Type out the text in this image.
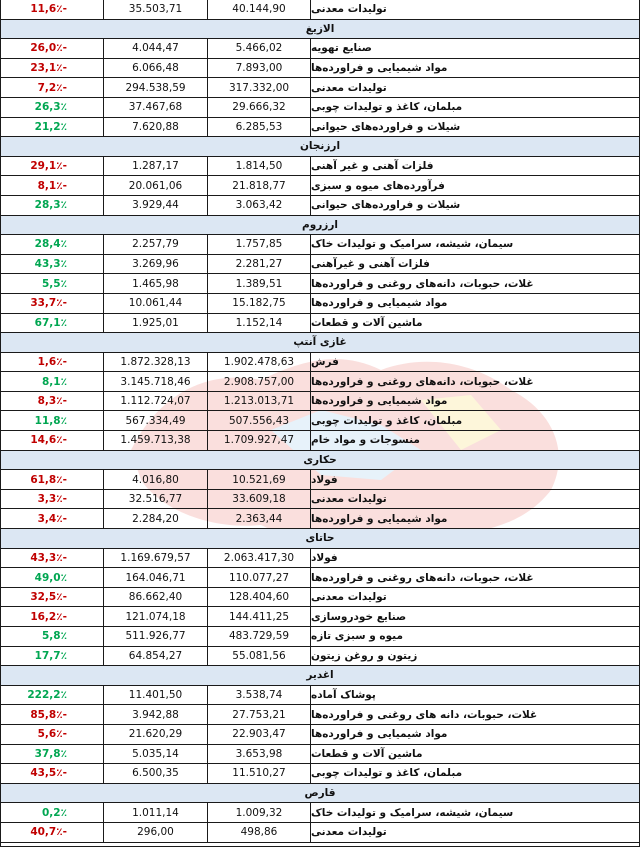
11,6٪-	35.503,71	40.144,90	تولیدات معدنی
الازیغ
26,0٪-	4.044,47	5.466,02	صنایع تهویه
23,1٪-	6.066,48	7.893,00	مواد شیمیایی و فراورده‌ها
7,2٪-	294.538,59	317.332,00	تولیدات معدنی
26,3٪	37.467,68	29.666,32	مبلمان، کاغذ و تولیدات چوبی
21,2٪	7.620,88	6.285,53	شیلات و فراورده‌های حیوانی
ارزنجان
29,1٪-	1.287,17	1.814,50	فلزات آهنی و غیر آهنی
8,1٪-	20.061,06	21.818,77	فرآورده‌های میوه و سبزی
28,3٪	3.929,44	3.063,42	شیلات و فراورده‌های حیوانی
ارزروم
28,4٪	2.257,79	1.757,85	سیمان، شیشه، سرامیک و تولیدات خاک
43,3٪	3.269,96	2.281,27	فلزات آهنی و غیرآهنی
5,5٪	1.465,98	1.389,51	غلات، حبوبات، دانه‌های روغنی و فراورده‌ها
33,7٪-	10.061,44	15.182,75	مواد شیمیایی و فراورده‌ها
67,1٪	1.925,01	1.152,14	ماشین آلات و قطعات
غازی آنتپ
1,6٪-	1.872.328,13	1.902.478,63	فرش
8,1٪	3.145.718,46	2.908.757,00	غلات، حبوبات، دانه‌های روغنی و فراورده‌ها
8,3٪-	1.112.724,07	1.213.013,71	مواد شیمیایی و فراورده‌ها
11,8٪	567.334,49	507.556,43	مبلمان، کاغذ و تولیدات چوبی
14,6٪-	1.459.713,38	1.709.927,47	منسوجات و مواد خام
حکاری
61,8٪-	4.016,80	10.521,69	فولاد
3,3٪-	32.516,77	33.609,18	تولیدات معدنی
3,4٪-	2.284,20	2.363,44	مواد شیمیایی و فراورده‌ها
حاتای
43,3٪-	1.169.679,57	2.063.417,30	فولاد
49,0٪	164.046,71	110.077,27	غلات، حبوبات، دانه‌های روغنی و فراورده‌ها
32,5٪-	86.662,40	128.404,60	تولیدات معدنی
16,2٪-	121.074,18	144.411,25	صنایع خودروسازی
5,8٪	511.926,77	483.729,59	میوه و سبزی تازه
17,7٪	64.854,27	55.081,56	زیتون و روغن زیتون
اغدیر
222,2٪	11.401,50	3.538,74	پوشاک آماده
85,8٪-	3.942,88	27.753,21	غلات، حبوبات، دانه های روغنی و فراورده‌ها
5,6٪-	21.620,29	22.903,47	مواد شیمیایی و فراورده‌ها
37,8٪	5.035,14	3.653,98	ماشین آلات و قطعات
43,5٪-	6.500,35	11.510,27	مبلمان، کاغذ و تولیدات چوبی
قارص
0,2٪	1.011,14	1.009,32	سیمان، شیشه، سرامیک و تولیدات خاک
40,7٪-	296,00	498,86	تولیدات معدنی
